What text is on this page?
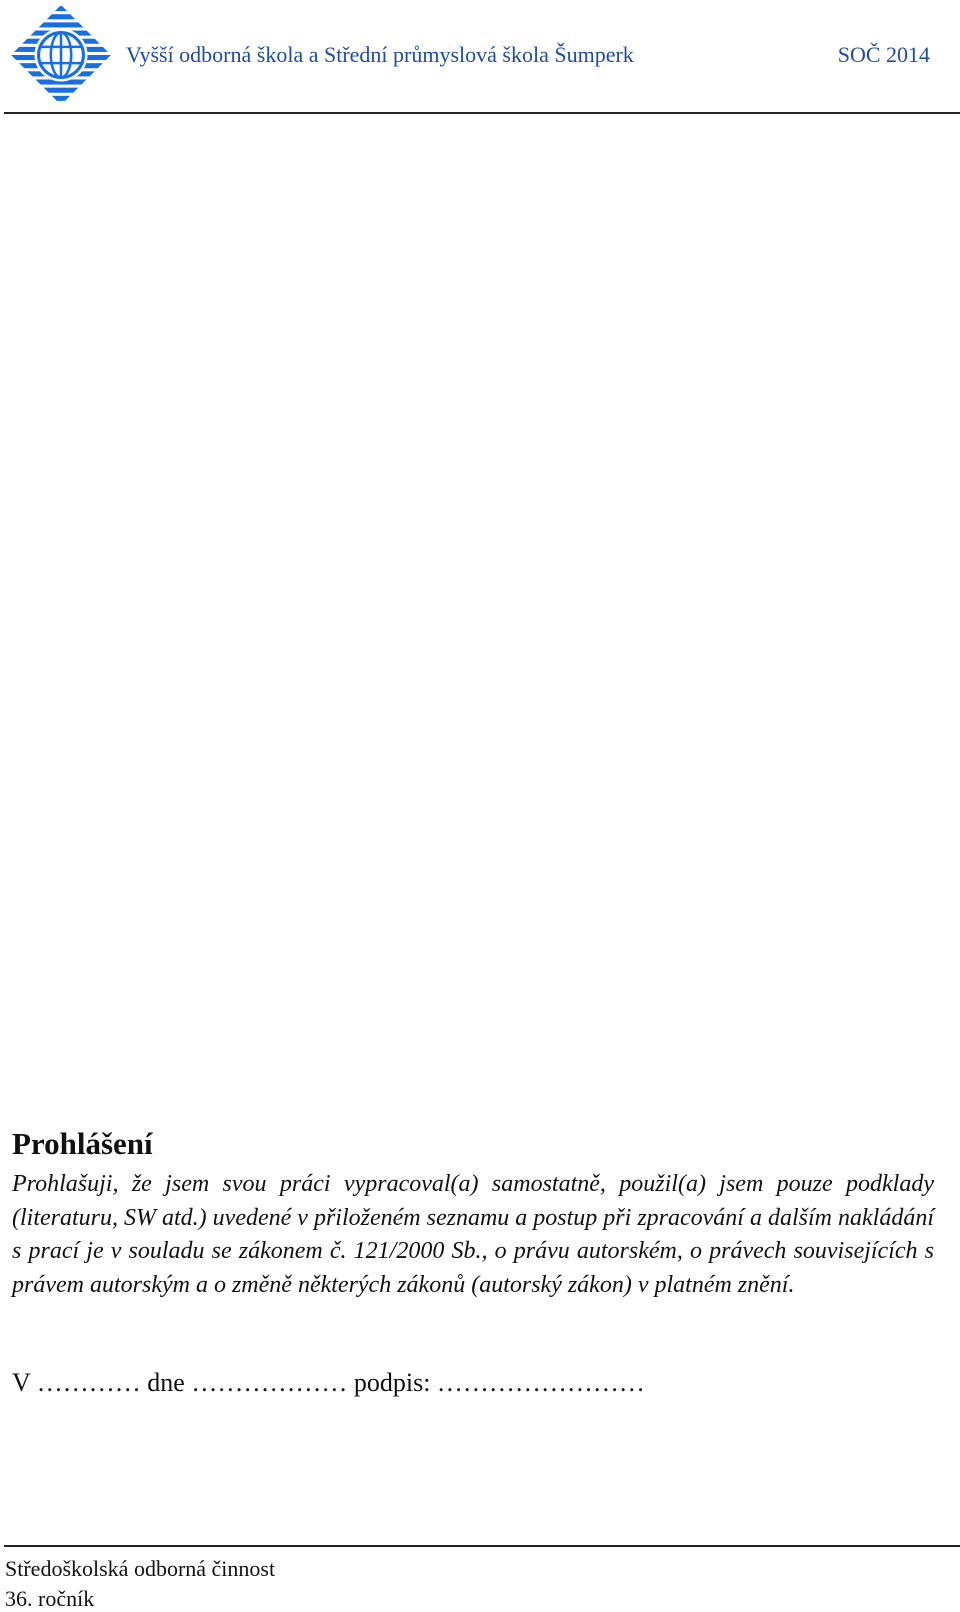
Vyšší odborná škola a Střední průmyslová škola Šumperk	SOČ 2014
Prohlášení

Prohlašuji, že jsem svou práci vypracoval(a) samostatně, použil(a) jsem pouze podklady (literaturu, SW atd.) uvedené v přiloženém seznamu a postup při zpracování a dalším nakládání s prací je v souladu se zákonem č. 121/2000 Sb., o právu autorském, o právech souvisejících s právem autorským a o změně některých zákonů (autorský zákon) v platném znění.

V ………… dne ……………… podpis: ……………………
Středoškolská odborná činnost
36. ročník
